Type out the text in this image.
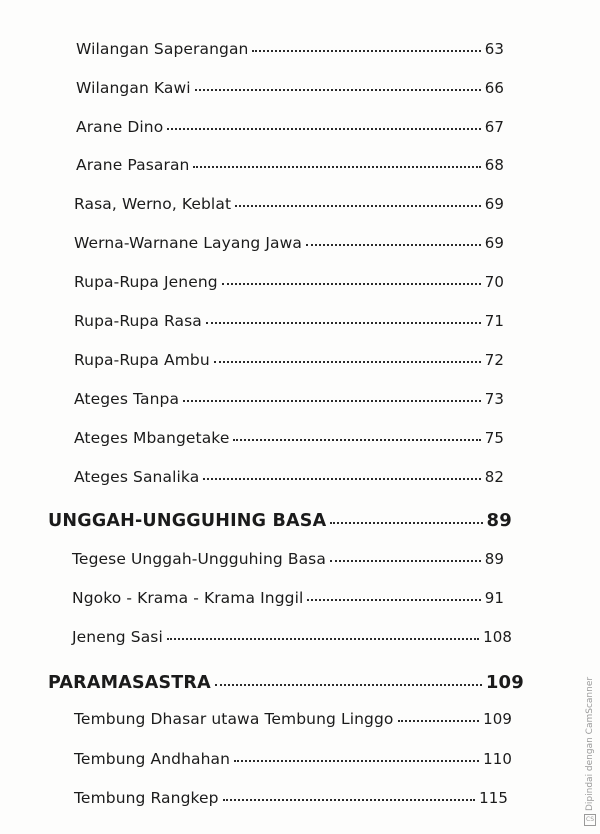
Wilangan Saperangan	63
Wilangan Kawi	66
Arane Dino	67
Arane Pasaran	68
Rasa, Werno, Keblat	69
Werna-Warnane Layang Jawa	69
Rupa-Rupa Jeneng	70
Rupa-Rupa Rasa	71
Rupa-Rupa Ambu	72
Ateges Tanpa	73
Ateges Mbangetake	75
Ateges Sanalika	82
UNGGAH-UNGGUHING BASA	89
Tegese Unggah-Ungguhing Basa	89
Ngoko - Krama - Krama Inggil	91
Jeneng Sasi	108
PARAMASASTRA	109
Tembung Dhasar utawa Tembung Linggo	109
Tembung Andhahan	110
Tembung Rangkep	115
CS
Dipindai dengan CamScanner
